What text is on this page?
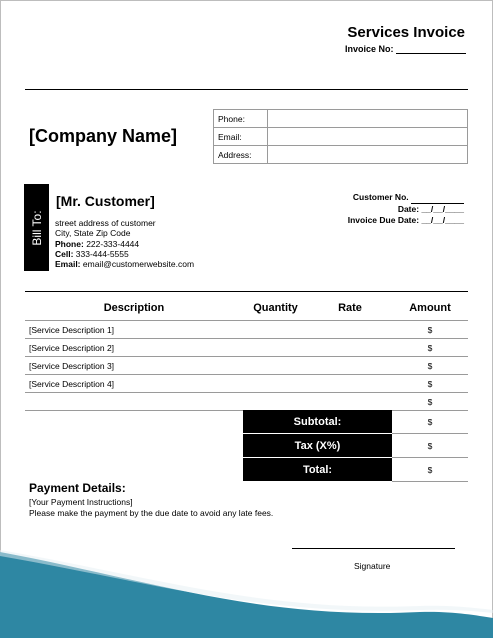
Services Invoice
Invoice No:
[Company Name]
Phone:	
Email:	
Address:	
Bill To:
[Mr. Customer]
street address of customer
City, State Zip Code
Phone: 222-333-4444
Cell: 333-444-5555
Email: email@customerwebsite.com
Customer No.
Date: __/__/____
Invoice Due Date: __/__/____
Description	Quantity	Rate	Amount
[Service Description 1]			$
[Service Description 2]			$
[Service Description 3]			$
[Service Description 4]			$
			$
Subtotal:	$
Tax (X%)	$
Total:	$
Payment Details:
[Your Payment Instructions]
Please make the payment by the due date to avoid any late fees.
Signature
